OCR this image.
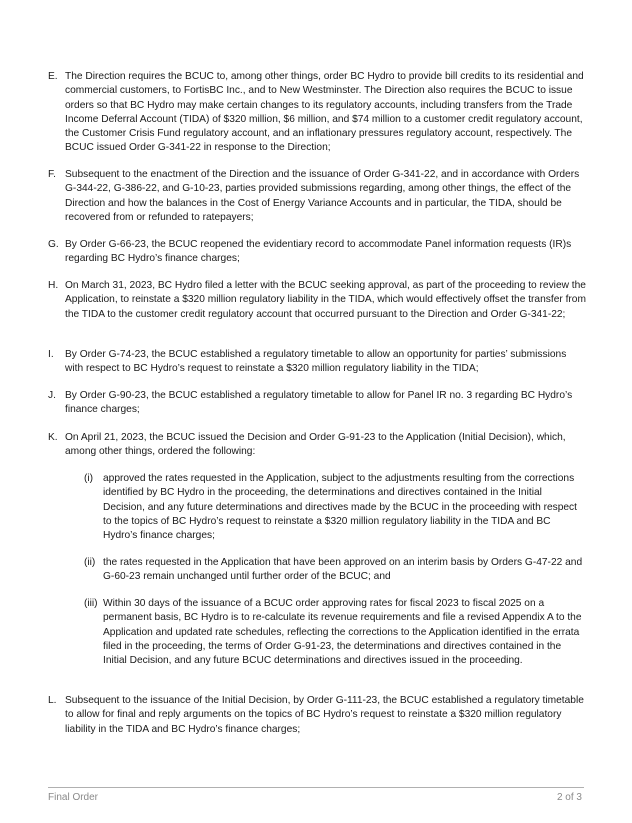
E. The Direction requires the BCUC to, among other things, order BC Hydro to provide bill credits to its residential and commercial customers, to FortisBC Inc., and to New Westminster. The Direction also requires the BCUC to issue orders so that BC Hydro may make certain changes to its regulatory accounts, including transfers from the Trade Income Deferral Account (TIDA) of $320 million, $6 million, and $74 million to a customer credit regulatory account, the Customer Crisis Fund regulatory account, and an inflationary pressures regulatory account, respectively. The BCUC issued Order G-341-22 in response to the Direction;
F. Subsequent to the enactment of the Direction and the issuance of Order G-341-22, and in accordance with Orders G-344-22, G-386-22, and G-10-23, parties provided submissions regarding, among other things, the effect of the Direction and how the balances in the Cost of Energy Variance Accounts and in particular, the TIDA, should be recovered from or refunded to ratepayers;
G. By Order G-66-23, the BCUC reopened the evidentiary record to accommodate Panel information requests (IR)s regarding BC Hydro’s finance charges;
H. On March 31, 2023, BC Hydro filed a letter with the BCUC seeking approval, as part of the proceeding to review the Application, to reinstate a $320 million regulatory liability in the TIDA, which would effectively offset the transfer from the TIDA to the customer credit regulatory account that occurred pursuant to the Direction and Order G-341-22;
I. By Order G-74-23, the BCUC established a regulatory timetable to allow an opportunity for parties’ submissions with respect to BC Hydro’s request to reinstate a $320 million regulatory liability in the TIDA;
J. By Order G-90-23, the BCUC established a regulatory timetable to allow for Panel IR no. 3 regarding BC Hydro’s finance charges;
K. On April 21, 2023, the BCUC issued the Decision and Order G-91-23 to the Application (Initial Decision), which, among other things, ordered the following:
(i) approved the rates requested in the Application, subject to the adjustments resulting from the corrections identified by BC Hydro in the proceeding, the determinations and directives contained in the Initial Decision, and any future determinations and directives made by the BCUC in the proceeding with respect to the topics of BC Hydro’s request to reinstate a $320 million regulatory liability in the TIDA and BC Hydro’s finance charges;
(ii) the rates requested in the Application that have been approved on an interim basis by Orders G-47-22 and G-60-23 remain unchanged until further order of the BCUC; and
(iii) Within 30 days of the issuance of a BCUC order approving rates for fiscal 2023 to fiscal 2025 on a permanent basis, BC Hydro is to re-calculate its revenue requirements and file a revised Appendix A to the Application and updated rate schedules, reflecting the corrections to the Application identified in the errata filed in the proceeding, the terms of Order G-91-23, the determinations and directives contained in the Initial Decision, and any future BCUC determinations and directives issued in the proceeding.
L. Subsequent to the issuance of the Initial Decision, by Order G-111-23, the BCUC established a regulatory timetable to allow for final and reply arguments on the topics of BC Hydro’s request to reinstate a $320 million regulatory liability in the TIDA and BC Hydro’s finance charges;
Final Order	2 of 3
